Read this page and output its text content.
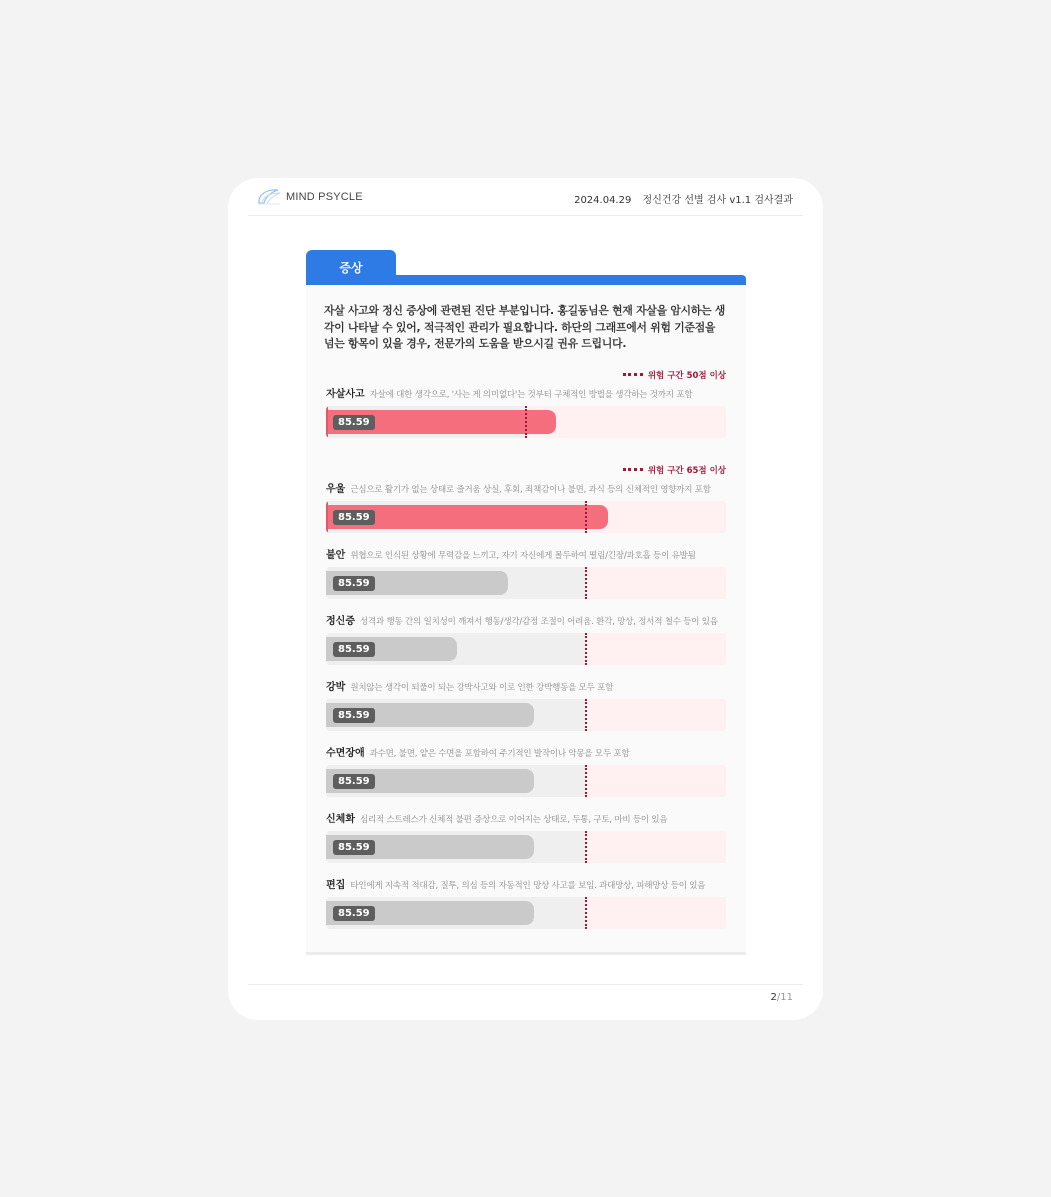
MIND PSYCLE	2024.04.29 정신건강 선별 검사 v1.1 검사결과
증상

자살 사고와 정신 증상에 관련된 진단 부분입니다. 홍길동님은 현재 자살을 암시하는 생각이 나타날 수 있어, 적극적인 관리가 필요합니다. 하단의 그래프에서 위험 기준점을 넘는 항목이 있을 경우, 전문가의 도움을 받으시길 권유 드립니다.

위험 구간 50점 이상
위험 구간 65점 이상
자살사고 자살에 대한 생각으로, '사는 게 의미없다'는 것부터 구체적인 방법을 생각하는 것까지 포함
85.59
우울 근심으로 활기가 없는 상태로 즐거움 상실, 후회, 죄책감이나 불면, 과식 등의 신체적인 영향까지 포함
85.59
불안 위협으로 인식된 상황에 무력감을 느끼고, 자기 자신에게 몰두하여 떨림/긴장/과호흡 등이 유발됨
85.59
정신증 성격과 행동 간의 일치성이 깨져서 행동/생각/감정 조절이 어려움. 환각, 망상, 정서적 철수 등이 있음
85.59
강박 원치않는 생각이 되풀이 되는 강박사고와 이로 인한 강박행동을 모두 포함
85.59
수면장애 과수면, 불면, 얕은 수면을 포함하여 주기적인 발작이나 악몽을 모두 포함
85.59
신체화 심리적 스트레스가 신체적 불편 증상으로 이어지는 상태로, 두통, 구토, 마비 등이 있음
85.59
편집 타인에게 지속적 적대감, 질투, 의심 등의 자동적인 망상 사고를 보임. 과대망상, 피해망상 등이 있음
85.59
2/11
